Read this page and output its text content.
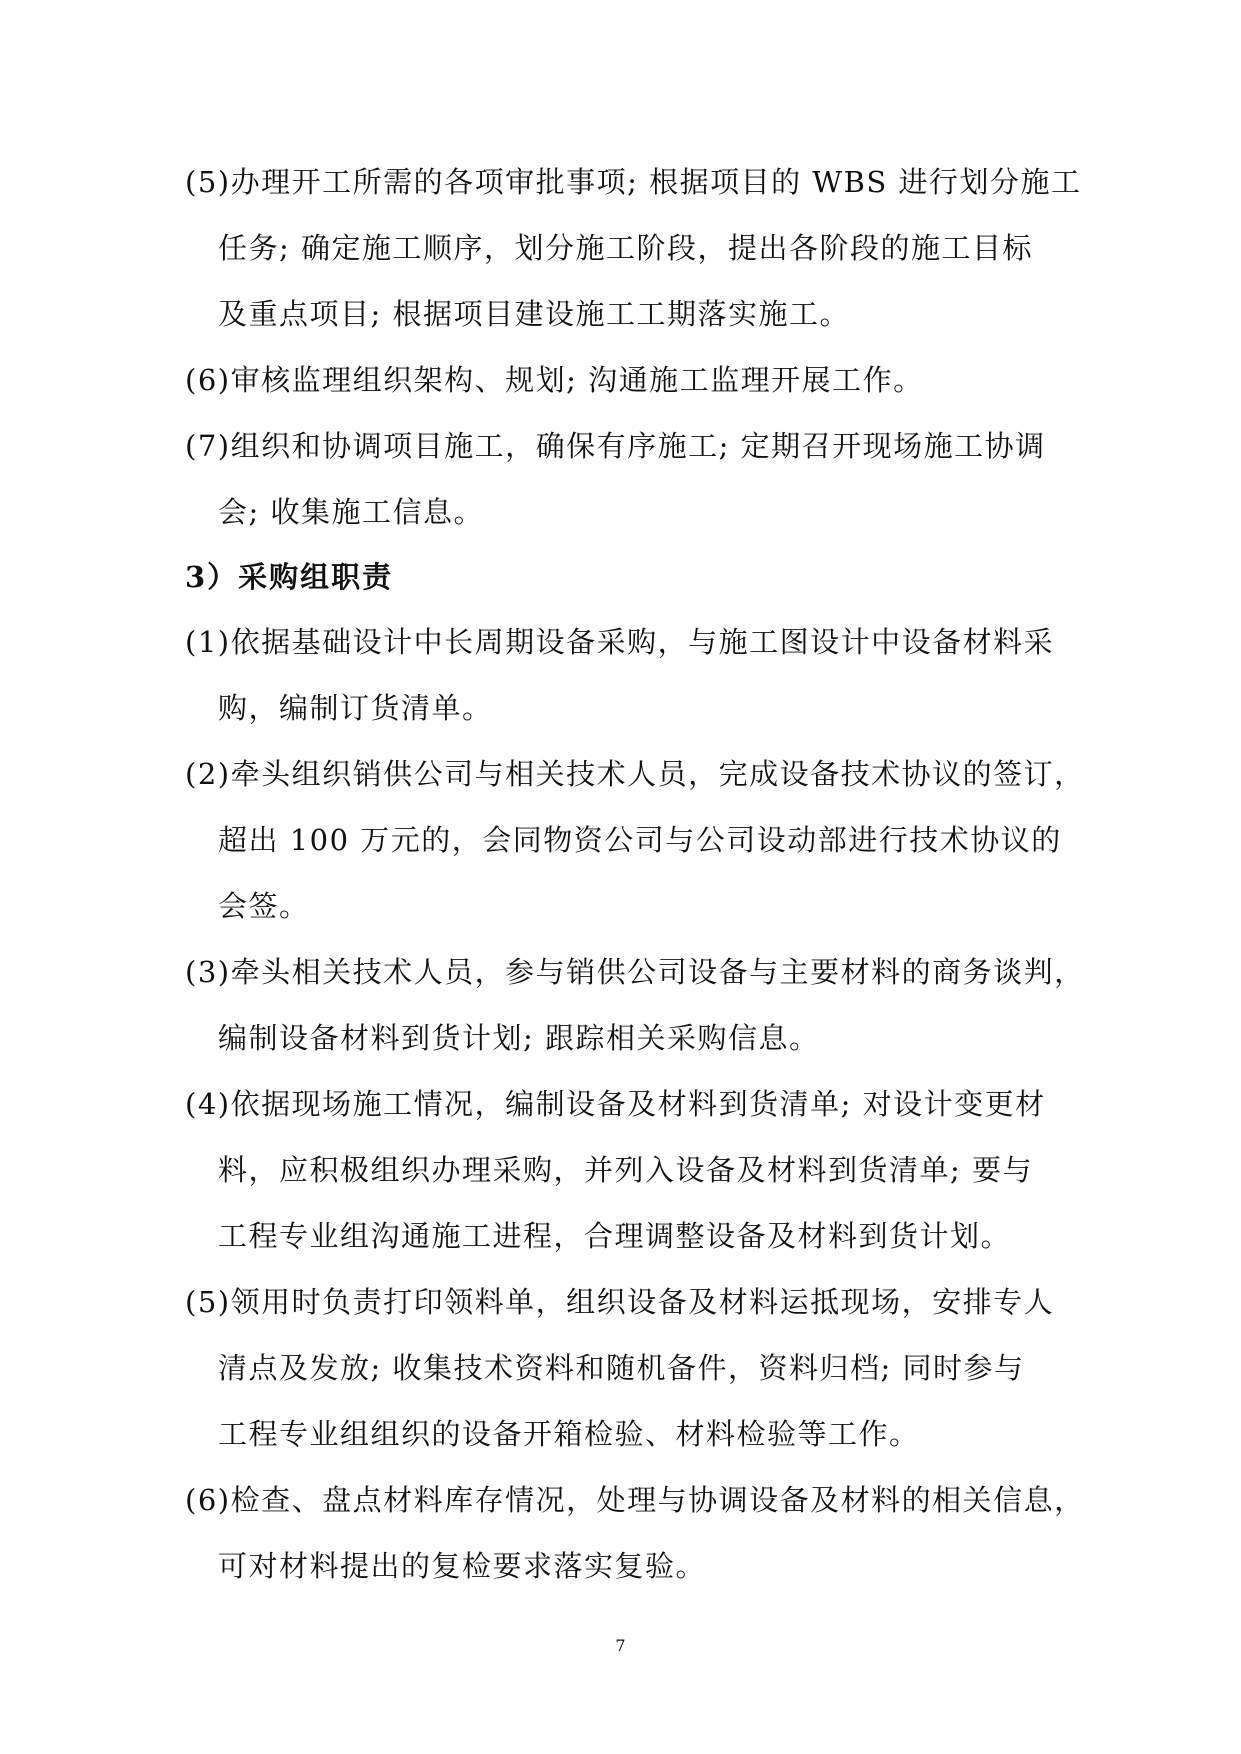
(5)办理开工所需的各项审批事项; 根据项目的 WBS 进行划分施工
任务; 确定施工顺序，划分施工阶段，提出各阶段的施工目标
及重点项目; 根据项目建设施工工期落实施工。
(6)审核监理组织架构、规划; 沟通施工监理开展工作。
(7)组织和协调项目施工，确保有序施工; 定期召开现场施工协调
会; 收集施工信息。
3）采购组职责
(1)依据基础设计中长周期设备采购，与施工图设计中设备材料采
购，编制订货清单。
(2)牵头组织销供公司与相关技术人员，完成设备技术协议的签订，
超出 100 万元的，会同物资公司与公司设动部进行技术协议的
会签。
(3)牵头相关技术人员，参与销供公司设备与主要材料的商务谈判，
编制设备材料到货计划; 跟踪相关采购信息。
(4)依据现场施工情况，编制设备及材料到货清单; 对设计变更材
料，应积极组织办理采购，并列入设备及材料到货清单; 要与
工程专业组沟通施工进程，合理调整设备及材料到货计划。
(5)领用时负责打印领料单，组织设备及材料运抵现场，安排专人
清点及发放; 收集技术资料和随机备件，资料归档; 同时参与
工程专业组组织的设备开箱检验、材料检验等工作。
(6)检查、盘点材料库存情况，处理与协调设备及材料的相关信息，
可对材料提出的复检要求落实复验。
7
